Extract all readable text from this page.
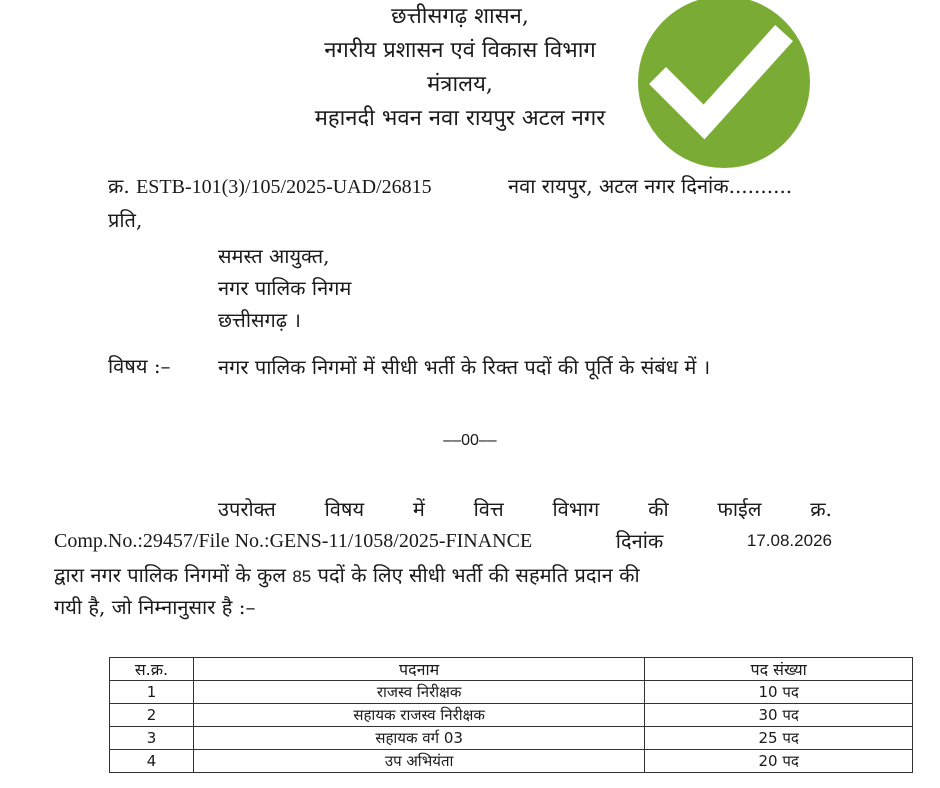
छत्तीसगढ़ शासन,
नगरीय प्रशासन एवं विकास विभाग
मंत्रालय,
महानदी भवन नवा रायपुर अटल नगर
क्र. ESTB-101(3)/105/2025-UAD/26815	नवा रायपुर, अटल नगर दिनांक..........
प्रति,
समस्त आयुक्त,
नगर पालिक निगम
छत्तीसगढ़ ।
विषय :– नगर पालिक निगमों में सीधी भर्ती के रिक्त पदों की पूर्ति के संबंध में ।
––00––
उपरोक्त विषय में वित्त विभाग की फाईल क्र.
Comp.No.:29457/File No.:GENS-11/1058/2025-FINANCE	दिनांक	17.08.2026
द्वारा नगर पालिक निगमों के कुल 85 पदों के लिए सीधी भर्ती की सहमति प्रदान की
गयी है, जो निम्नानुसार है :–
स.क्र.	पदनाम	पद संख्या
1	राजस्व निरीक्षक	10 पद
2	सहायक राजस्व निरीक्षक	30 पद
3	सहायक वर्ग 03	25 पद
4	उप अभियंता	20 पद
